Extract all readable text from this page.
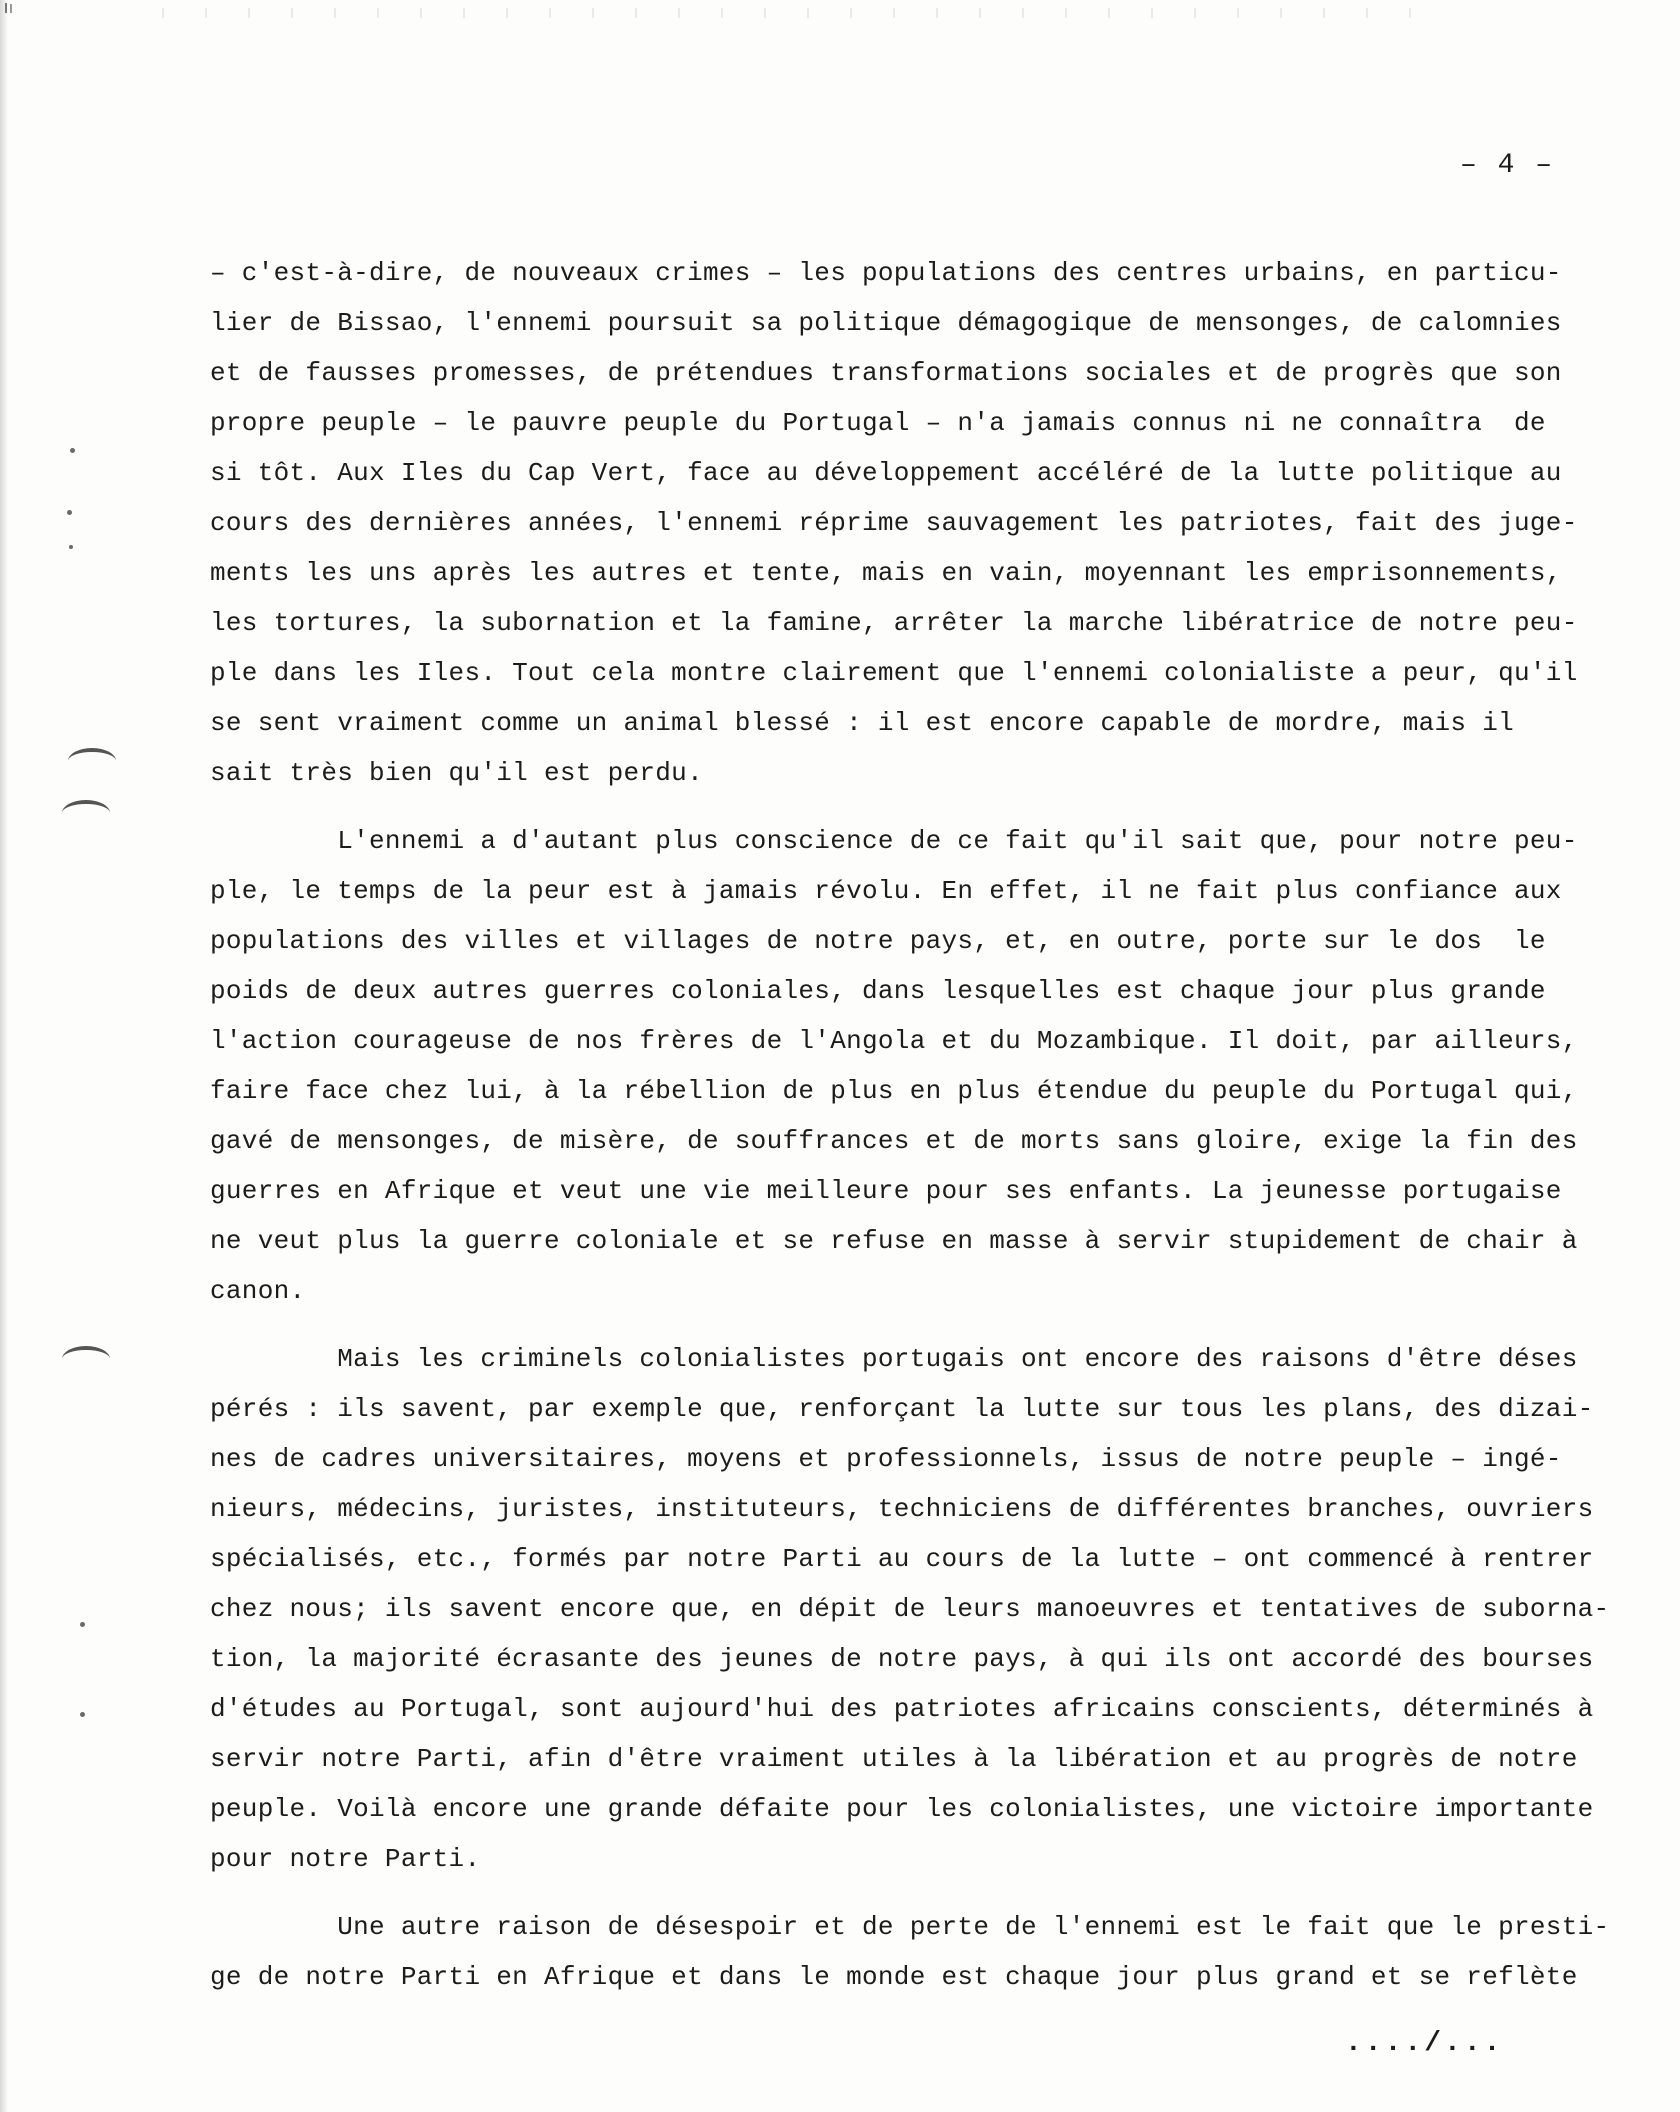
– 4 –
– c'est-à-dire, de nouveaux crimes – les populations des centres urbains, en particu-
lier de Bissao, l'ennemi poursuit sa politique démagogique de mensonges, de calomnies
et de fausses promesses, de prétendues transformations sociales et de progrès que son
propre peuple – le pauvre peuple du Portugal – n'a jamais connus ni ne connaîtra  de
si tôt. Aux Iles du Cap Vert, face au développement accéléré de la lutte politique au
cours des dernières années, l'ennemi réprime sauvagement les patriotes, fait des juge-
ments les uns après les autres et tente, mais en vain, moyennant les emprisonnements,
les tortures, la subornation et la famine, arrêter la marche libératrice de notre peu-
ple dans les Iles. Tout cela montre clairement que l'ennemi colonialiste a peur, qu'il
se sent vraiment comme un animal blessé : il est encore capable de mordre, mais il
sait très bien qu'il est perdu.
L'ennemi a d'autant plus conscience de ce fait qu'il sait que, pour notre peu-
ple, le temps de la peur est à jamais révolu. En effet, il ne fait plus confiance aux
populations des villes et villages de notre pays, et, en outre, porte sur le dos  le
poids de deux autres guerres coloniales, dans lesquelles est chaque jour plus grande
l'action courageuse de nos frères de l'Angola et du Mozambique. Il doit, par ailleurs,
faire face chez lui, à la rébellion de plus en plus étendue du peuple du Portugal qui,
gavé de mensonges, de misère, de souffrances et de morts sans gloire, exige la fin des
guerres en Afrique et veut une vie meilleure pour ses enfants. La jeunesse portugaise
ne veut plus la guerre coloniale et se refuse en masse à servir stupidement de chair à
canon.
Mais les criminels colonialistes portugais ont encore des raisons d'être déses
pérés : ils savent, par exemple que, renforçant la lutte sur tous les plans, des dizai-
nes de cadres universitaires, moyens et professionnels, issus de notre peuple – ingé-
nieurs, médecins, juristes, instituteurs, techniciens de différentes branches, ouvriers
spécialisés, etc., formés par notre Parti au cours de la lutte – ont commencé à rentrer
chez nous; ils savent encore que, en dépit de leurs manoeuvres et tentatives de suborna-
tion, la majorité écrasante des jeunes de notre pays, à qui ils ont accordé des bourses
d'études au Portugal, sont aujourd'hui des patriotes africains conscients, déterminés à
servir notre Parti, afin d'être vraiment utiles à la libération et au progrès de notre
peuple. Voilà encore une grande défaite pour les colonialistes, une victoire importante
pour notre Parti.
Une autre raison de désespoir et de perte de l'ennemi est le fait que le presti-
ge de notre Parti en Afrique et dans le monde est chaque jour plus grand et se reflète
..../...
